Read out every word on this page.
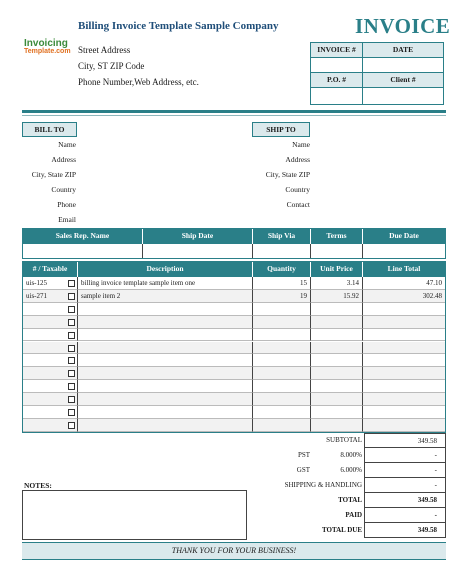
Billing Invoice Template Sample Company
Invoicing
Template.com Street Address
City, ST ZIP Code
Phone Number,Web Address, etc.
INVOICE
INVOICE #	DATE
P.O. #	Client #
BILL TO
Name
Address
City, State ZIP
Country
Phone
Email
SHIP TO
Name
Address
City, State ZIP
Country
Contact
Sales Rep. Name	Ship Date	Ship Via	Terms	Due Date
# / Taxable	Description	Quantity	Unit Price	Line Total
uis-125	billing invoice template sample item one	15	3.14	47.10
uis-271	sample item 2	19	15.92	302.48
SUBTOTAL	349.58
PST	8.000%	-
GST	6.000%	-
SHIPPING & HANDLING	-
TOTAL	349.58
PAID	-
TOTAL DUE	349.58
NOTES:
THANK YOU FOR YOUR BUSINESS!
